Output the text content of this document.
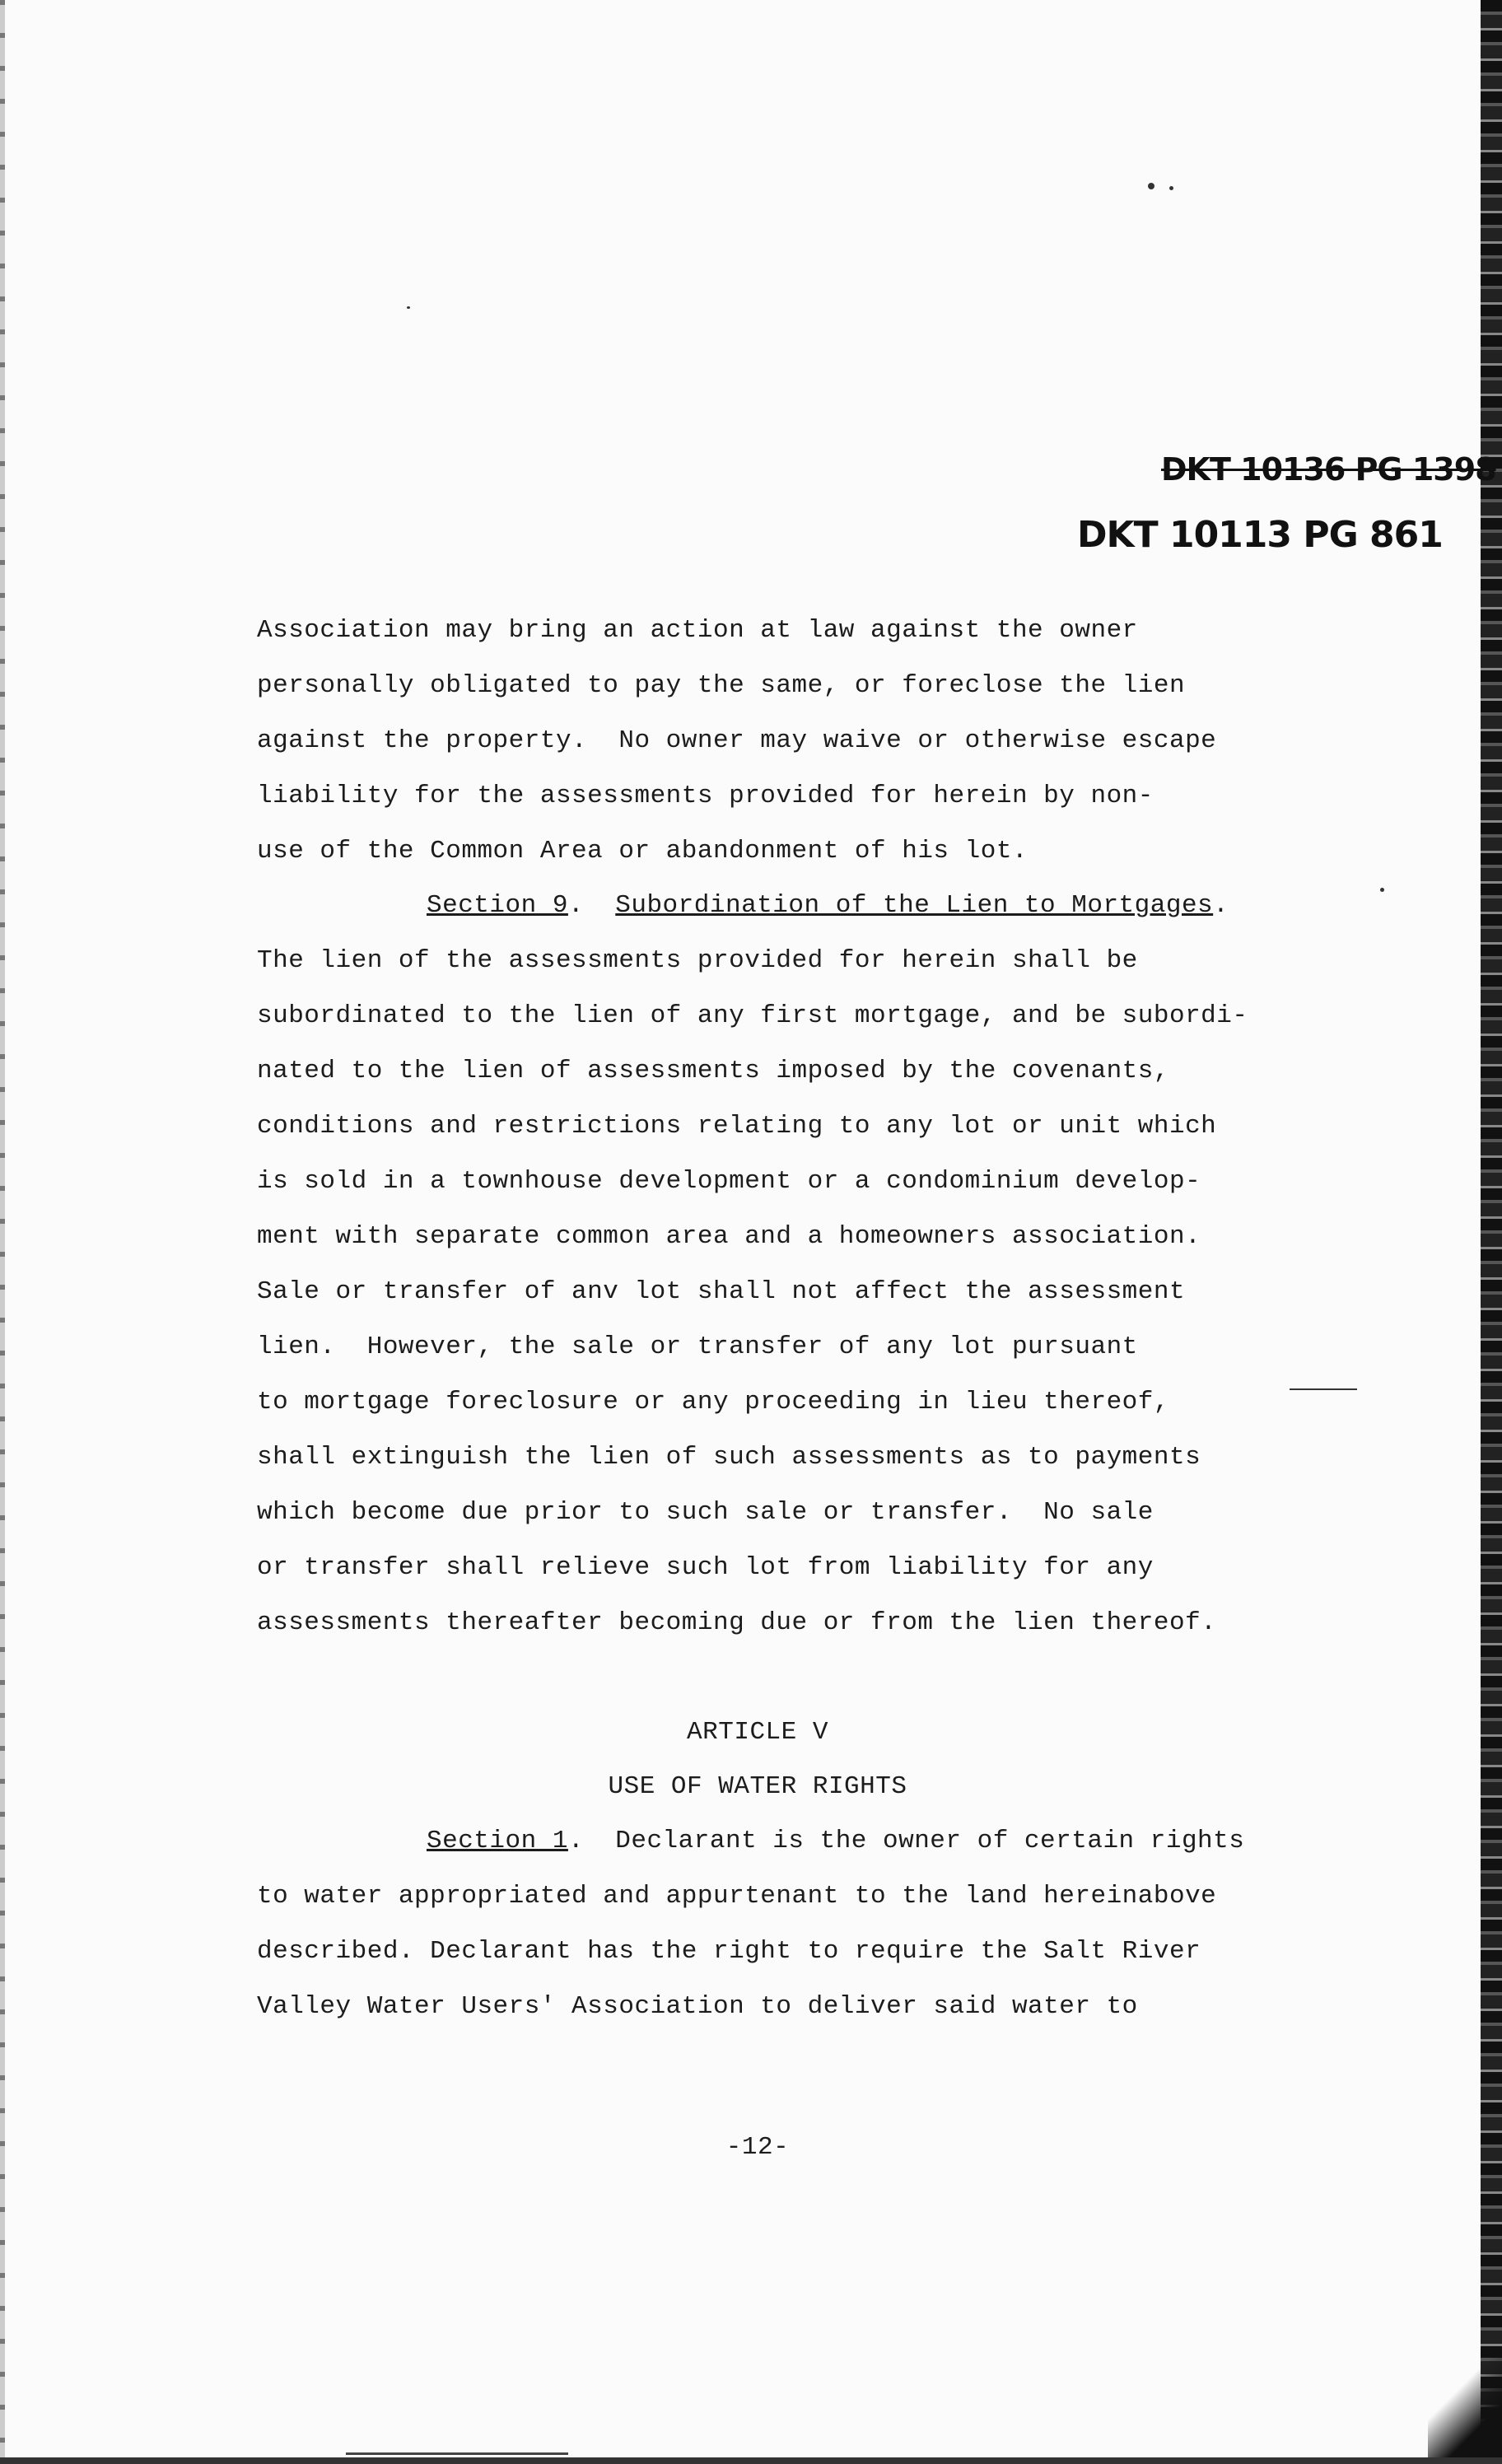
DKT 10136 PG 1398
DKT 10113 PG 861
Association may bring an action at law against the owner
personally obligated to pay the same, or foreclose the lien
against the property.  No owner may waive or otherwise escape
liability for the assessments provided for herein by non-
use of the Common Area or abandonment of his lot.
Section 9.  Subordination of the Lien to Mortgages.
The lien of the assessments provided for herein shall be
subordinated to the lien of any first mortgage, and be subordi-
nated to the lien of assessments imposed by the covenants,
conditions and restrictions relating to any lot or unit which
is sold in a townhouse development or a condominium develop-
ment with separate common area and a homeowners association.
Sale or transfer of anv lot shall not affect the assessment
lien.  However, the sale or transfer of any lot pursuant
to mortgage foreclosure or any proceeding in lieu thereof,
shall extinguish the lien of such assessments as to payments
which become due prior to such sale or transfer.  No sale
or transfer shall relieve such lot from liability for any
assessments thereafter becoming due or from the lien thereof.
ARTICLE V
USE OF WATER RIGHTS
Section 1.  Declarant is the owner of certain rights
to water appropriated and appurtenant to the land hereinabove
described. Declarant has the right to require the Salt River
Valley Water Users' Association to deliver said water to
-12-
